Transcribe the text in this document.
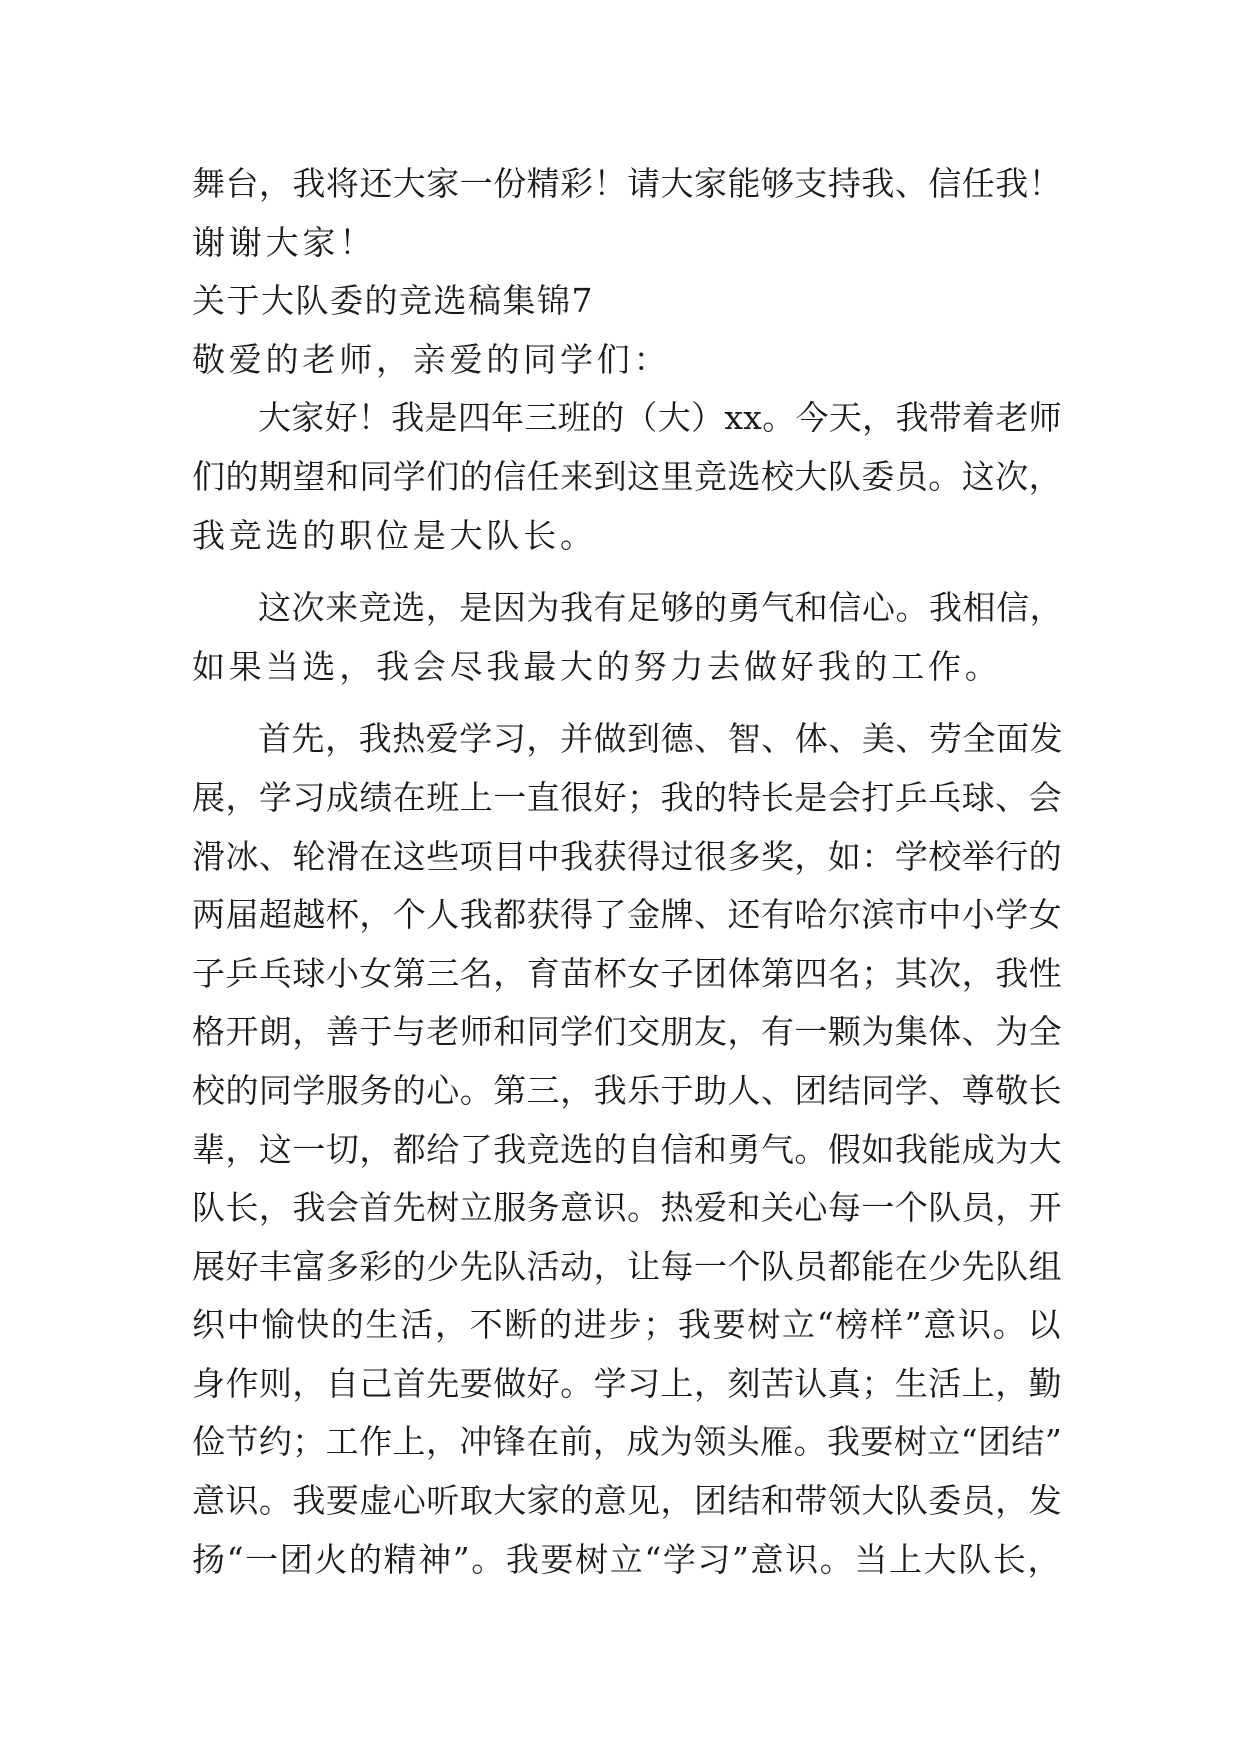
舞台，我将还大家一份精彩！请大家能够支持我、信任我！
谢谢大家！
关于大队委的竞选稿集锦7
敬爱的老师，亲爱的同学们：
大家好！我是四年三班的（大）xx。今天，我带着老师
们的期望和同学们的信任来到这里竞选校大队委员。这次，
我竞选的职位是大队长。
这次来竞选，是因为我有足够的勇气和信心。我相信，
如果当选，我会尽我最大的努力去做好我的工作。
首先，我热爱学习，并做到德、智、体、美、劳全面发
展，学习成绩在班上一直很好；我的特长是会打乒乓球、会
滑冰、轮滑在这些项目中我获得过很多奖，如：学校举行的
两届超越杯，个人我都获得了金牌、还有哈尔滨市中小学女
子乒乓球小女第三名，育苗杯女子团体第四名；其次，我性
格开朗，善于与老师和同学们交朋友，有一颗为集体、为全
校的同学服务的心。第三，我乐于助人、团结同学、尊敬长
辈，这一切，都给了我竞选的自信和勇气。假如我能成为大
队长，我会首先树立服务意识。热爱和关心每一个队员，开
展好丰富多彩的少先队活动，让每一个队员都能在少先队组
织中愉快的生活，不断的进步；我要树立“榜样”意识。以
身作则，自己首先要做好。学习上，刻苦认真；生活上，勤
俭节约；工作上，冲锋在前，成为领头雁。我要树立“团结”
意识。我要虚心听取大家的意见，团结和带领大队委员，发
扬“一团火的精神”。我要树立“学习”意识。当上大队长，
